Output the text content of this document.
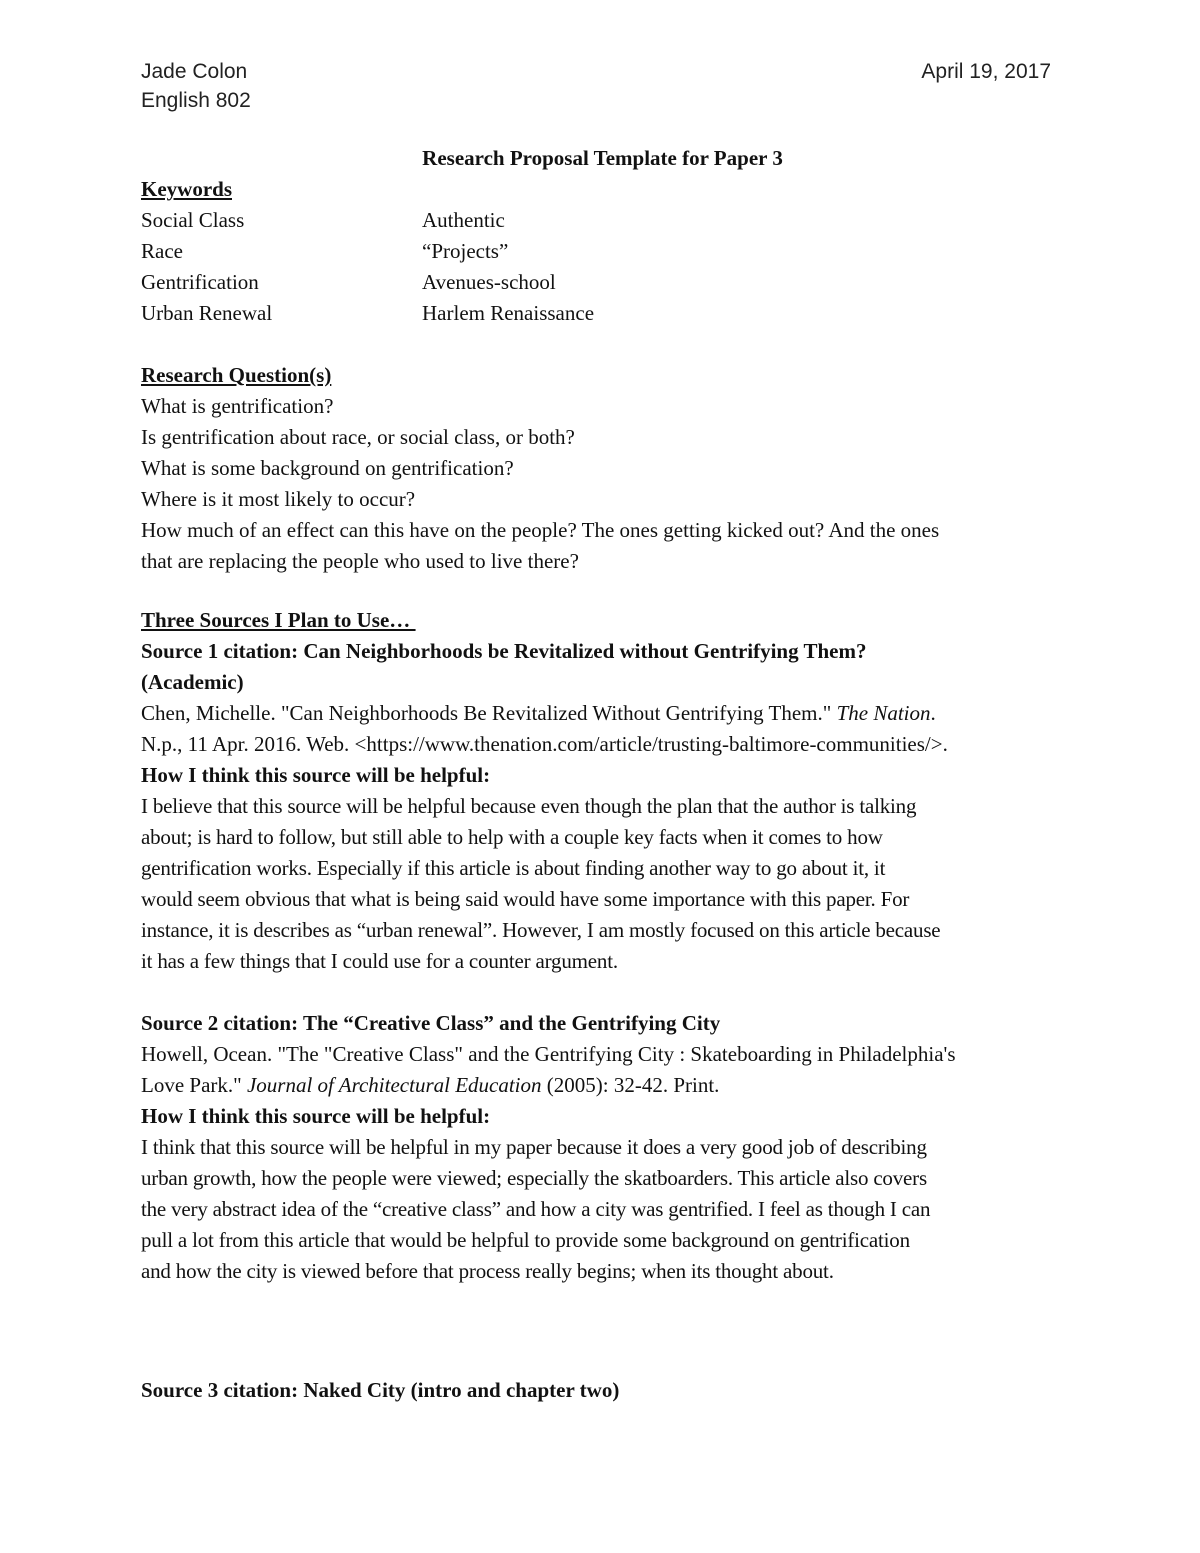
Jade Colon	April 19, 2017
English 802
Research Proposal Template for Paper 3
Keywords
Social Class	Authentic
Race	“Projects”
Gentrification	Avenues-school
Urban Renewal	Harlem Renaissance
Research Question(s)
What is gentrification?
Is gentrification about race, or social class, or both?
What is some background on gentrification?
Where is it most likely to occur?
How much of an effect can this have on the people? The ones getting kicked out? And the ones
that are replacing the people who used to live there?
Three Sources I Plan to Use…
Source 1 citation: Can Neighborhoods be Revitalized without Gentrifying Them?
(Academic)
Chen, Michelle. "Can Neighborhoods Be Revitalized Without Gentrifying Them." The Nation.
N.p., 11 Apr. 2016. Web. <https://www.thenation.com/article/trusting-baltimore-communities/>.
How I think this source will be helpful:
I believe that this source will be helpful because even though the plan that the author is talking
about; is hard to follow, but still able to help with a couple key facts when it comes to how
gentrification works. Especially if this article is about finding another way to go about it, it
would seem obvious that what is being said would have some importance with this paper. For
instance, it is describes as “urban renewal”. However, I am mostly focused on this article because
it has a few things that I could use for a counter argument.
Source 2 citation: The “Creative Class” and the Gentrifying City
Howell, Ocean. "The "Creative Class" and the Gentrifying City : Skateboarding in Philadelphia's
Love Park." Journal of Architectural Education (2005): 32-42. Print.
How I think this source will be helpful:
I think that this source will be helpful in my paper because it does a very good job of describing
urban growth, how the people were viewed; especially the skatboarders. This article also covers
the very abstract idea of the “creative class” and how a city was gentrified. I feel as though I can
pull a lot from this article that would be helpful to provide some background on gentrification
and how the city is viewed before that process really begins; when its thought about.
Source 3 citation: Naked City (intro and chapter two)
